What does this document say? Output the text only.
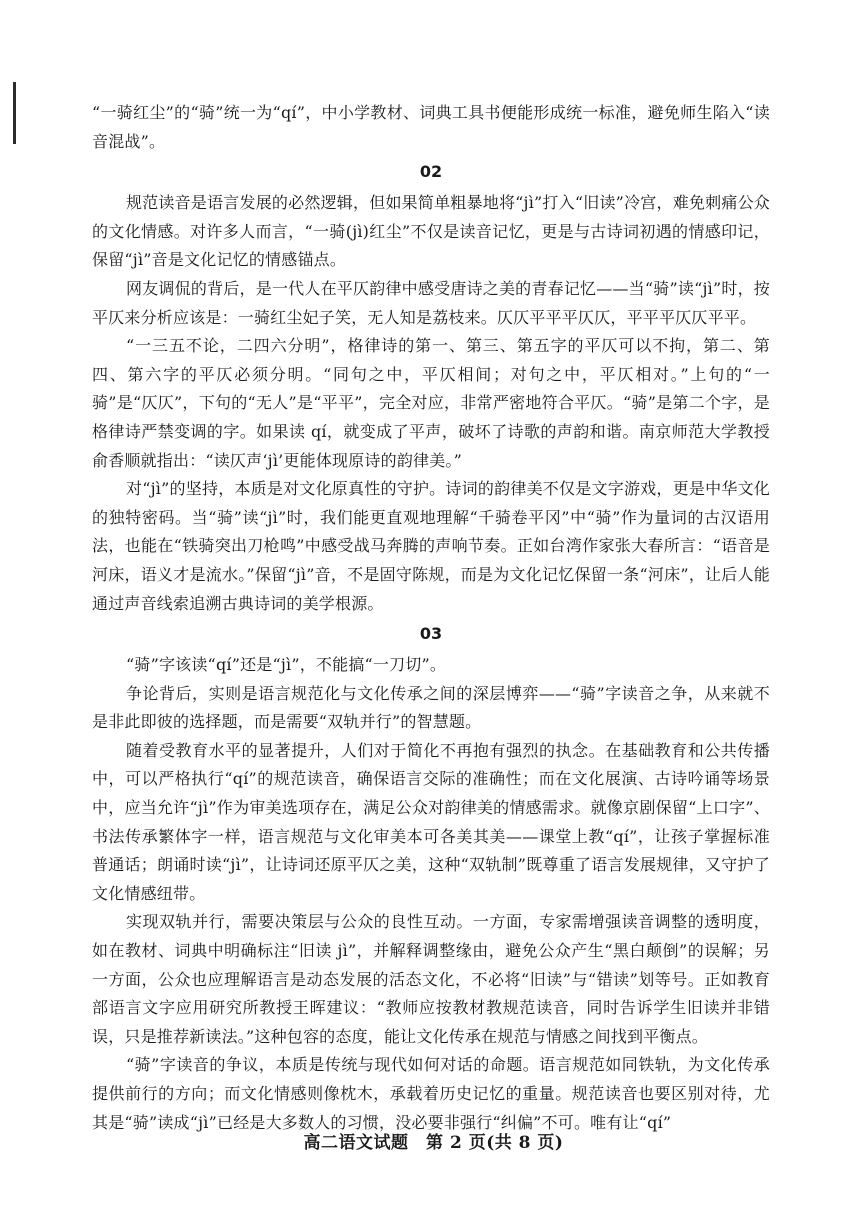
“一骑红尘”的“骑”统一为“qí”，中小学教材、词典工具书便能形成统一标准，避免师生陷入“读音混战”。

02

规范读音是语言发展的必然逻辑，但如果简单粗暴地将“jì”打入“旧读”冷宫，难免刺痛公众的文化情感。对许多人而言，“一骑(jì)红尘”不仅是读音记忆，更是与古诗词初遇的情感印记，保留“jì”音是文化记忆的情感锚点。

网友调侃的背后，是一代人在平仄韵律中感受唐诗之美的青春记忆——当“骑”读“jì”时，按平仄来分析应该是：一骑红尘妃子笑，无人知是荔枝来。仄仄平平平仄仄，平平平仄仄平平。

“一三五不论，二四六分明”，格律诗的第一、第三、第五字的平仄可以不拘，第二、第四、第六字的平仄必须分明。“同句之中，平仄相间；对句之中，平仄相对。”上句的“一骑”是“仄仄”，下句的“无人”是“平平”，完全对应，非常严密地符合平仄。“骑”是第二个字，是格律诗严禁变调的字。如果读 qí，就变成了平声，破坏了诗歌的声韵和谐。南京师范大学教授俞香顺就指出：“读仄声‘jì’更能体现原诗的韵律美。”

对“jì”的坚持，本质是对文化原真性的守护。诗词的韵律美不仅是文字游戏，更是中华文化的独特密码。当“骑”读“jì”时，我们能更直观地理解“千骑卷平冈”中“骑”作为量词的古汉语用法，也能在“铁骑突出刀枪鸣”中感受战马奔腾的声响节奏。正如台湾作家张大春所言：“语音是河床，语义才是流水。”保留“jì”音，不是固守陈规，而是为文化记忆保留一条“河床”，让后人能通过声音线索追溯古典诗词的美学根源。

03

“骑”字该读“qí”还是“jì”，不能搞“一刀切”。

争论背后，实则是语言规范化与文化传承之间的深层博弈——“骑”字读音之争，从来就不是非此即彼的选择题，而是需要“双轨并行”的智慧题。

随着受教育水平的显著提升，人们对于简化不再抱有强烈的执念。在基础教育和公共传播中，可以严格执行“qí”的规范读音，确保语言交际的准确性；而在文化展演、古诗吟诵等场景中，应当允许“jì”作为审美选项存在，满足公众对韵律美的情感需求。就像京剧保留“上口字”、书法传承繁体字一样，语言规范与文化审美本可各美其美——课堂上教“qí”，让孩子掌握标准普通话；朗诵时读“jì”，让诗词还原平仄之美，这种“双轨制”既尊重了语言发展规律，又守护了文化情感纽带。

实现双轨并行，需要决策层与公众的良性互动。一方面，专家需增强读音调整的透明度，如在教材、词典中明确标注“旧读 jì”，并解释调整缘由，避免公众产生“黑白颠倒”的误解；另一方面，公众也应理解语言是动态发展的活态文化，不必将“旧读”与“错读”划等号。正如教育部语言文字应用研究所教授王晖建议：“教师应按教材教规范读音，同时告诉学生旧读并非错误，只是推荐新读法。”这种包容的态度，能让文化传承在规范与情感之间找到平衡点。

“骑”字读音的争议，本质是传统与现代如何对话的命题。语言规范如同铁轨，为文化传承提供前行的方向；而文化情感则像枕木，承载着历史记忆的重量。规范读音也要区别对待，尤其是“骑”读成“jì”已经是大多数人的习惯，没必要非强行“纠偏”不可。唯有让“qí”

高二语文试题　第 2 页(共 8 页)
